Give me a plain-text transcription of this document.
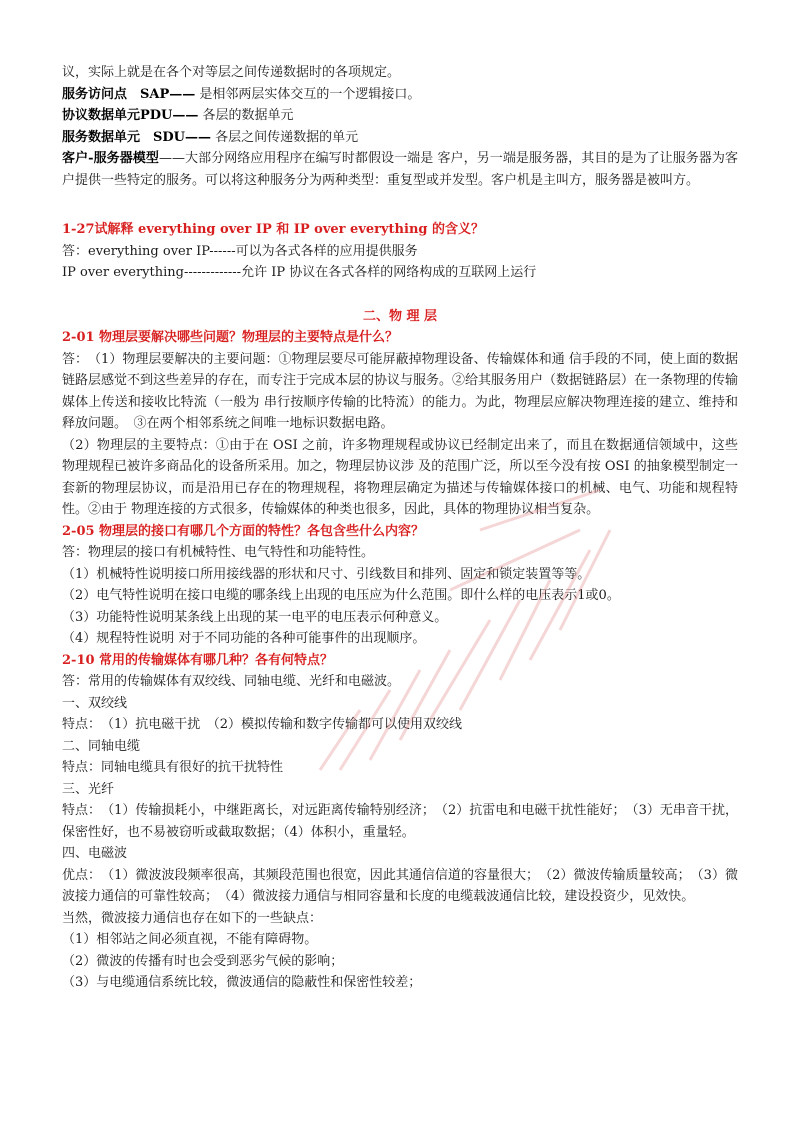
议，实际上就是在各个对等层之间传递数据时的各项规定。

服务访问点　SAP—— 是相邻两层实体交互的一个逻辑接口。

协议数据单元PDU—— 各层的数据单元

服务数据单元　SDU—— 各层之间传递数据的单元

客户-服务器模型——大部分网络应用程序在编写时都假设一端是 客户，另一端是服务器，其目的是为了让服务器为客户提供一些特定的服务。可以将这种服务分为两种类型：重复型或并发型。客户机是主叫方，服务器是被叫方。

1-27试解释 everything over IP 和 IP over everything 的含义？

答：everything over IP------可以为各式各样的应用提供服务

IP over everything-------------允许 IP 协议在各式各样的网络构成的互联网上运行

二、物 理 层

2-01 物理层要解决哪些问题？物理层的主要特点是什么？

答：　（1）物理层要解决的主要问题：①物理层要尽可能屏蔽掉物理设备、传输媒体和通 信手段的不同，使上面的数据链路层感觉不到这些差异的存在，而专注于完成本层的协议与服务。②给其服务用户（数据链路层）在一条物理的传输媒体上传送和接收比特流（一般为 串行按顺序传输的比特流）的能力。为此，物理层应解决物理连接的建立、维持和释放问题。　③在两个相邻系统之间唯一地标识数据电路。

（2）物理层的主要特点：①由于在 OSI 之前，许多物理规程或协议已经制定出来了，而且在数据通信领域中，这些物理规程已被许多商品化的设备所采用。加之，物理层协议涉 及的范围广泛，所以至今没有按 OSI 的抽象模型制定一套新的物理层协议，而是沿用已存在的物理规程，将物理层确定为描述与传输媒体接口的机械、电气、功能和规程特性。②由于 物理连接的方式很多，传输媒体的种类也很多，因此，具体的物理协议相当复杂。

2-05 物理层的接口有哪几个方面的特性？各包含些什么内容？

答：物理层的接口有机械特性、电气特性和功能特性。

（1）机械特性说明接口所用接线器的形状和尺寸、引线数目和排列、固定和锁定装置等等。

（2）电气特性说明在接口电缆的哪条线上出现的电压应为什么范围。即什么样的电压表示1或0。

（3）功能特性说明某条线上出现的某一电平的电压表示何种意义。

（4）规程特性说明 对于不同功能的各种可能事件的出现顺序。

2-10 常用的传输媒体有哪几种？各有何特点？

答：常用的传输媒体有双绞线、同轴电缆、光纤和电磁波。

一、双绞线

特点：　（1）抗电磁干扰　（2）模拟传输和数字传输都可以使用双绞线

二、同轴电缆

特点：同轴电缆具有很好的抗干扰特性

三、光纤

特点：　（1）传输损耗小，中继距离长，对远距离传输特别经济；　（2）抗雷电和电磁干扰性能好；　（3）无串音干扰，保密性好，也不易被窃听或截取数据；（4）体积小，重量轻。

四、电磁波

优点：　（1）微波波段频率很高，其频段范围也很宽，因此其通信信道的容量很大；　（2）微波传输质量较高；　（3）微波接力通信的可靠性较高；　（4）微波接力通信与相同容量和长度的电缆载波通信比较，建设投资少，见效快。

当然，微波接力通信也存在如下的一些缺点：

（1）相邻站之间必须直视，不能有障碍物。

（2）微波的传播有时也会受到恶劣气候的影响；

（3）与电缆通信系统比较，微波通信的隐蔽性和保密性较差；
